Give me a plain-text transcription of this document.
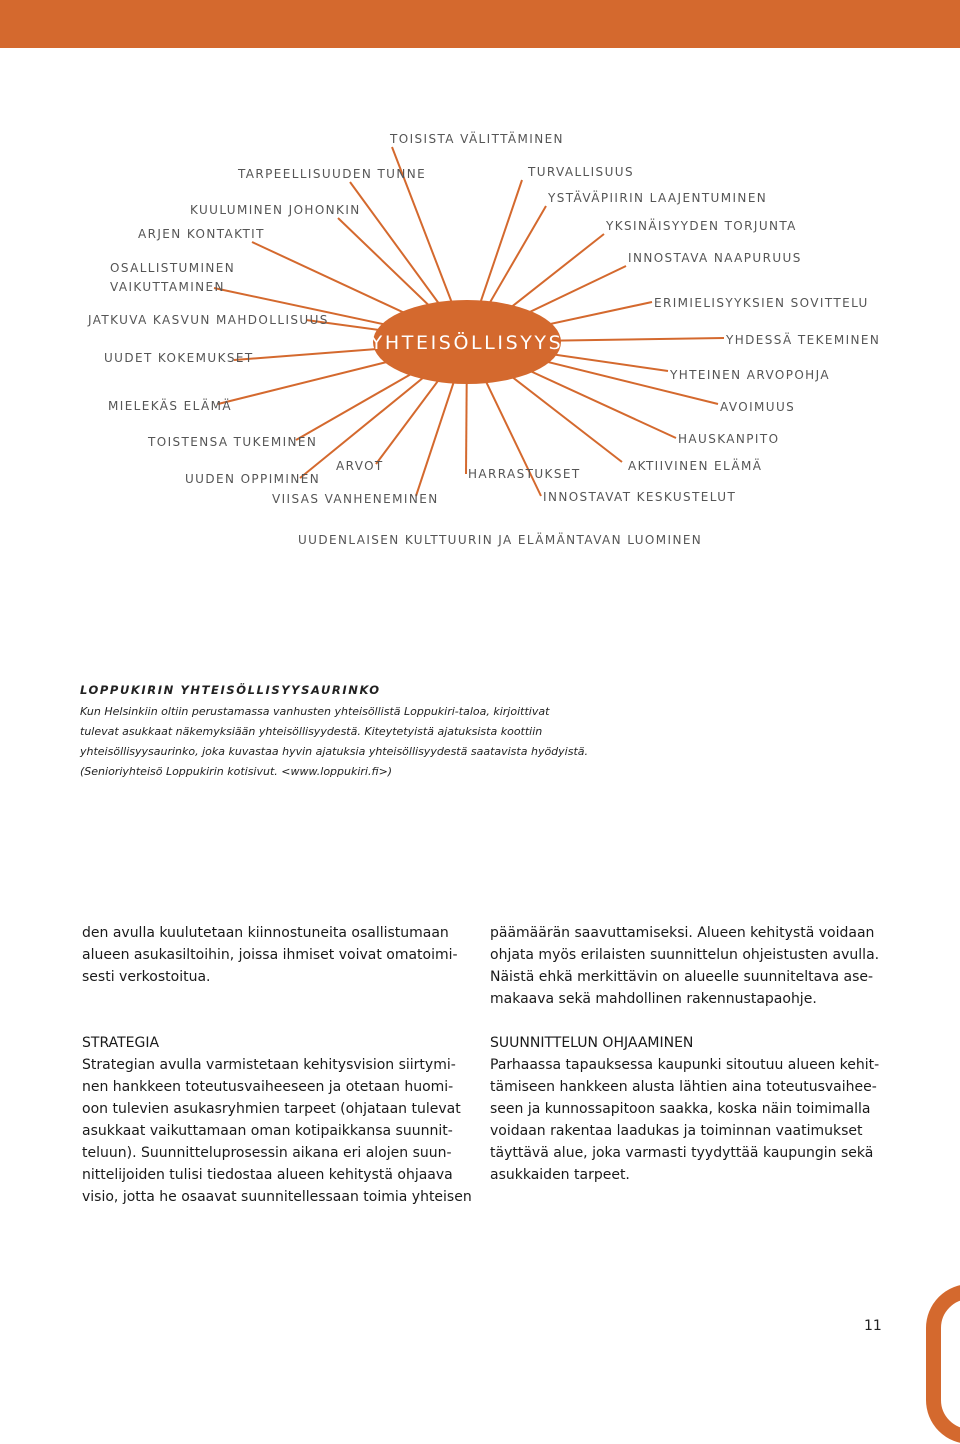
YHTEISÖLLISYYS
TOISISTA VÄLITTÄMINEN
TARPEELLISUUDEN TUNNE	TURVALLISUUS
KUULUMINEN JOHONKIN
YSTÄVÄPIIRIN LAAJENTUMINEN
ARJEN KONTAKTIT
YKSINÄISYYDEN TORJUNTA
OSALLISTUMINEN
VAIKUTTAMINEN
INNOSTAVA NAAPURUUS
ERIMIELISYYKSIEN SOVITTELU
JATKUVA KASVUN MAHDOLLISUUS
YHDESSÄ TEKEMINEN
UUDET KOKEMUKSET
YHTEINEN ARVOPOHJA
MIELEKÄS ELÄMÄ	AVOIMUUS
TOISTENSA TUKEMINEN	HAUSKANPITO
ARVOT	AKTIIVINEN ELÄMÄ
UUDEN OPPIMINEN	HARRASTUKSET
VIISAS VANHENEMINEN	INNOSTAVAT KESKUSTELUT
UUDENLAISEN KULTTUURIN JA ELÄMÄNTAVAN LUOMINEN
LOPPUKIRIN YHTEISÖLLISYYSAURINKO

Kun Helsinkiin oltiin perustamassa vanhusten yhteisöllistä Loppukiri-taloa, kirjoittivat

tulevat asukkaat näkemyksiään yhteisöllisyydestä. Kiteytetyistä ajatuksista koottiin

yhteisöllisyysaurinko, joka kuvastaa hyvin ajatuksia yhteisöllisyydestä saatavista hyödyistä.

(Senioriyhteisö Loppukirin kotisivut. <www.loppukiri.fi>)

den avulla kuulutetaan kiinnostuneita osallistumaan

alueen asukasiltoihin, joissa ihmiset voivat omatoimi-

sesti verkostoitua.

STRATEGIA

Strategian avulla varmistetaan kehitysvision siirtymi-

nen hankkeen toteutusvaiheeseen ja otetaan huomi-

oon tulevien asukasryhmien tarpeet (ohjataan tulevat

asukkaat vaikuttamaan oman kotipaikkansa suunnit-

teluun). Suunnitteluprosessin aikana eri alojen suun-

nittelijoiden tulisi tiedostaa alueen kehitystä ohjaava

visio, jotta he osaavat suunnitellessaan toimia yhteisen

päämäärän saavuttamiseksi. Alueen kehitystä voidaan

ohjata myös erilaisten suunnittelun ohjeistusten avulla.

Näistä ehkä merkittävin on alueelle suunniteltava ase-

makaava sekä mahdollinen rakennustapaohje.

SUUNNITTELUN OHJAAMINEN

Parhaassa tapauksessa kaupunki sitoutuu alueen kehit-

tämiseen hankkeen alusta lähtien aina toteutusvaihee-

seen ja kunnossapitoon saakka, koska näin toimimalla

voidaan rakentaa laadukas ja toiminnan vaatimukset

täyttävä alue, joka varmasti tyydyttää kaupungin sekä

asukkaiden tarpeet.

11
